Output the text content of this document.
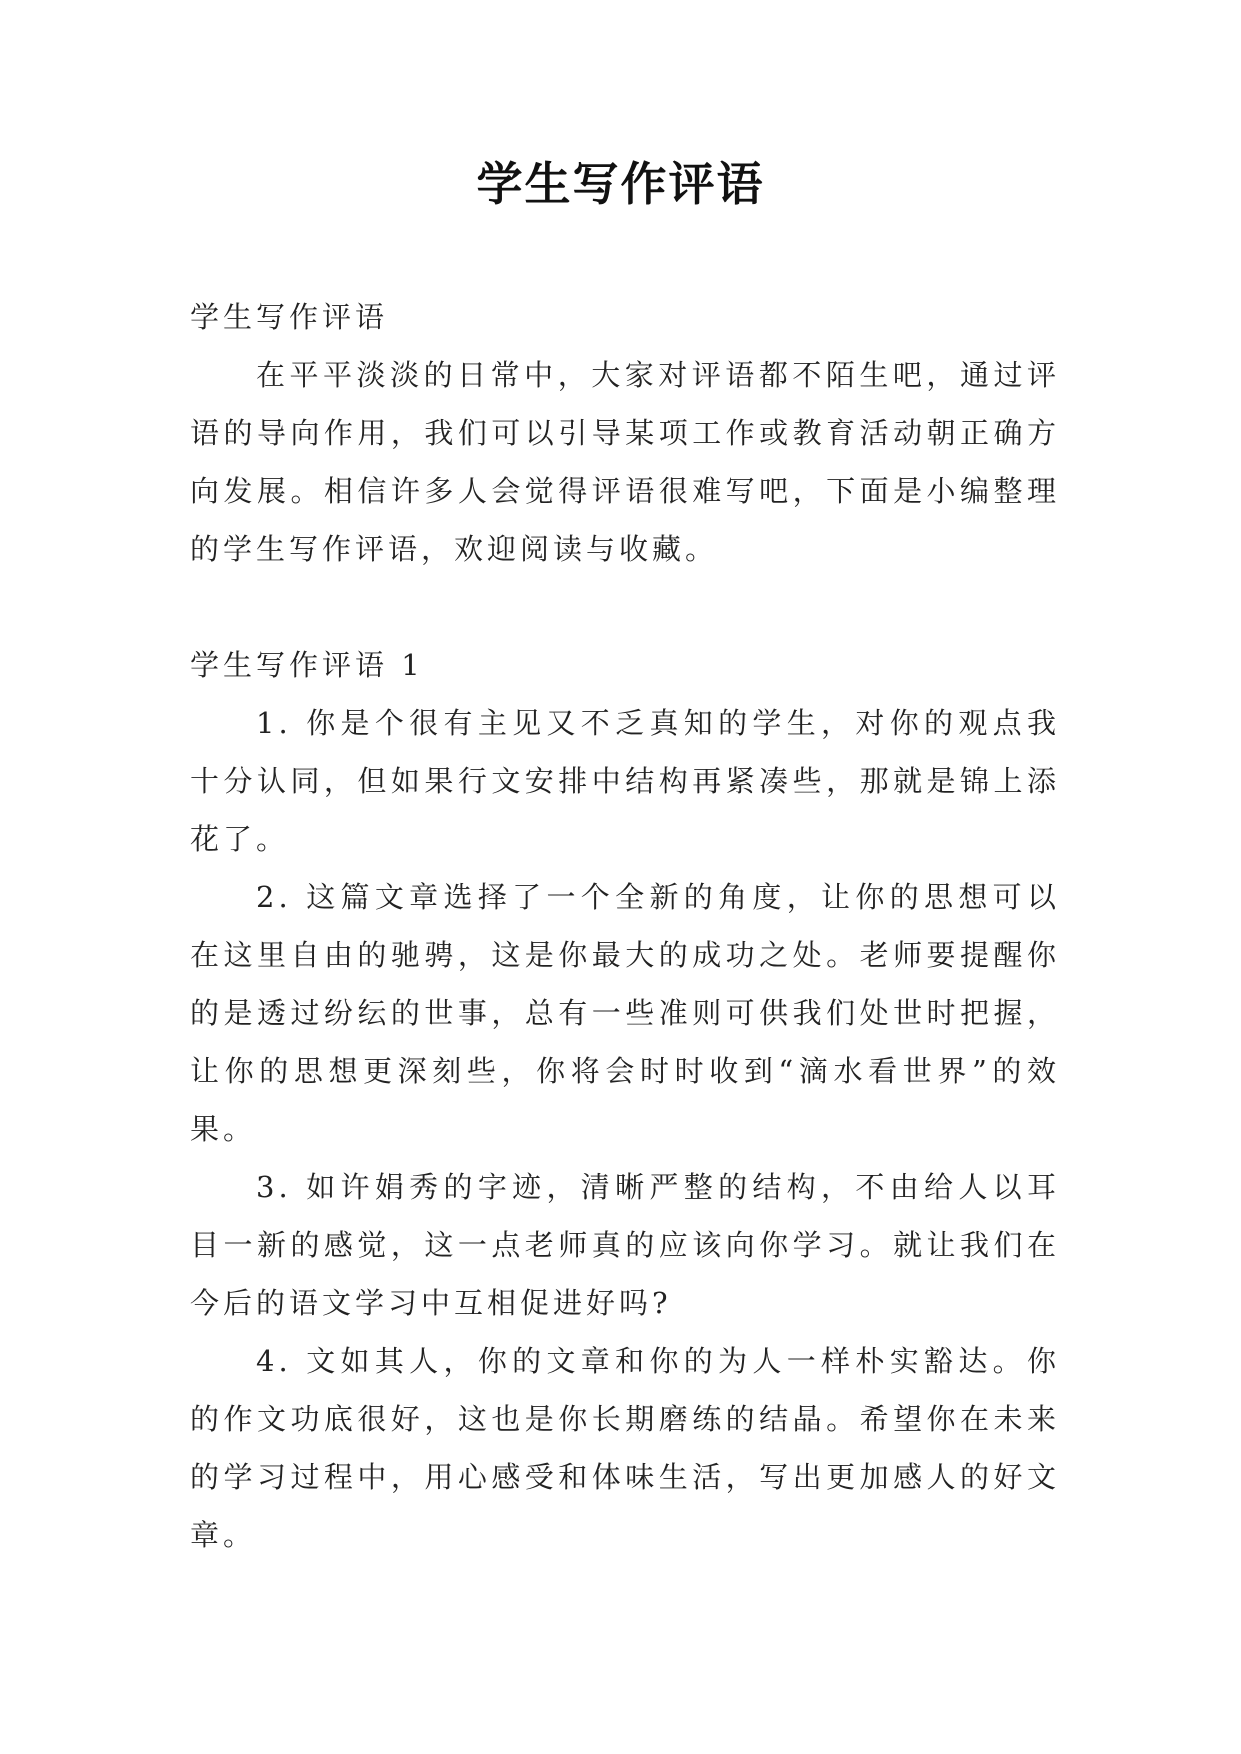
学生写作评语

学生写作评语

在平平淡淡的日常中，大家对评语都不陌生吧，通过评语的导向作用，我们可以引导某项工作或教育活动朝正确方向发展。相信许多人会觉得评语很难写吧，下面是小编整理的学生写作评语，欢迎阅读与收藏。

学生写作评语 1

1. 你是个很有主见又不乏真知的学生，对你的观点我十分认同，但如果行文安排中结构再紧凑些，那就是锦上添花了。

2. 这篇文章选择了一个全新的角度，让你的思想可以在这里自由的驰骋，这是你最大的成功之处。老师要提醒你的是透过纷纭的世事，总有一些准则可供我们处世时把握，让你的思想更深刻些，你将会时时收到“滴水看世界”的效果。

3. 如许娟秀的字迹，清晰严整的结构，不由给人以耳目一新的感觉，这一点老师真的应该向你学习。就让我们在今后的语文学习中互相促进好吗?

4. 文如其人，你的文章和你的为人一样朴实豁达。你的作文功底很好，这也是你长期磨练的结晶。希望你在未来的学习过程中，用心感受和体味生活，写出更加感人的好文章。
